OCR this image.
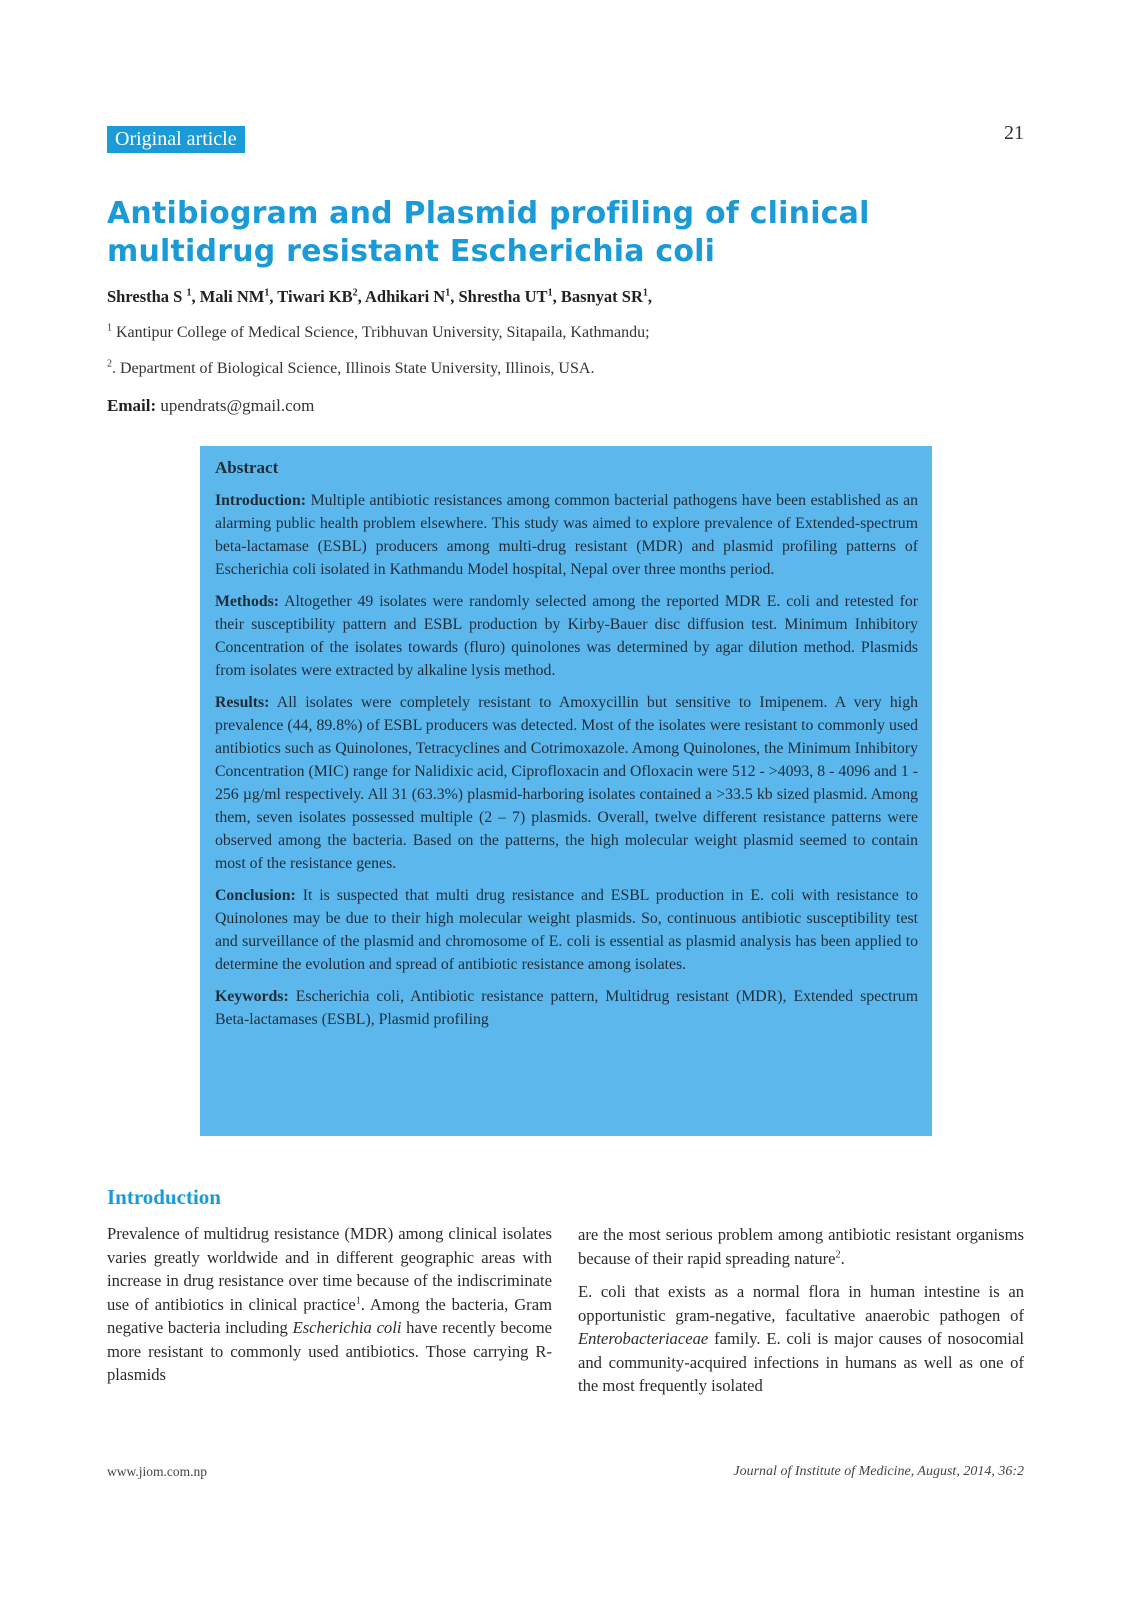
Original article	21
Antibiogram and Plasmid profiling of clinical multidrug resistant Escherichia coli
Shrestha S $^1$, Mali $NM^1$, Tiwari $KB^2$, Adhikari $N^1$, Shrestha $UT^1$, Basnyat $SR^1$,
$^1$ Kantipur College of Medical Science, Tribhuvan University, Sitapaila, Kathmandu;
$^2$. Department of Biological Science, Illinois State University, Illinois, USA.
Email: upendrats@gmail.com
Abstract

Introduction: Multiple antibiotic resistances among common bacterial pathogens have been established as an alarming public health problem elsewhere. This study was aimed to explore prevalence of Extended-spectrum beta-lactamase (ESBL) producers among multi-drug resistant (MDR) and plasmid profiling patterns of Escherichia coli isolated in Kathmandu Model hospital, Nepal over three months period.

Methods: Altogether 49 isolates were randomly selected among the reported MDR E. coli and retested for their susceptibility pattern and ESBL production by Kirby-Bauer disc diffusion test. Minimum Inhibitory Concentration of the isolates towards (fluro) quinolones was determined by agar dilution method. Plasmids from isolates were extracted by alkaline lysis method.

Results: All isolates were completely resistant to Amoxycillin but sensitive to Imipenem. A very high prevalence (44, 89.8%) of ESBL producers was detected. Most of the isolates were resistant to commonly used antibiotics such as Quinolones, Tetracyclines and Cotrimoxazole. Among Quinolones, the Minimum Inhibitory Concentration (MIC) range for Nalidixic acid, Ciprofloxacin and Ofloxacin were 512 - >4093, 8 - 4096 and 1 - 256 µg/ml respectively. All 31 (63.3%) plasmid-harboring isolates contained a >33.5 kb sized plasmid. Among them, seven isolates possessed multiple (2 – 7) plasmids. Overall, twelve different resistance patterns were observed among the bacteria. Based on the patterns, the high molecular weight plasmid seemed to contain most of the resistance genes.

Conclusion: It is suspected that multi drug resistance and ESBL production in E. coli with resistance to Quinolones may be due to their high molecular weight plasmids. So, continuous antibiotic susceptibility test and surveillance of the plasmid and chromosome of E. coli is essential as plasmid analysis has been applied to determine the evolution and spread of antibiotic resistance among isolates.

Keywords: Escherichia coli, Antibiotic resistance pattern, Multidrug resistant (MDR), Extended spectrum Beta-lactamases (ESBL), Plasmid profiling

Introduction

Prevalence of multidrug resistance (MDR) among clinical isolates varies greatly worldwide and in different geographic areas with increase in drug resistance over time because of the indiscriminate use of antibiotics in clinical practice$^1$. Among the bacteria, Gram negative bacteria including Escherichia coli have recently become more resistant to commonly used antibiotics. Those carrying R-plasmids

are the most serious problem among antibiotic resistant organisms because of their rapid spreading nature$^2$.

E. coli that exists as a normal flora in human intestine is an opportunistic gram-negative, facultative anaerobic pathogen of Enterobacteriaceae family. E. coli is major causes of nosocomial and community-acquired infections in humans as well as one of the most frequently isolated

www.jiom.com.np	Journal of Institute of Medicine, August, 2014, 36:2
